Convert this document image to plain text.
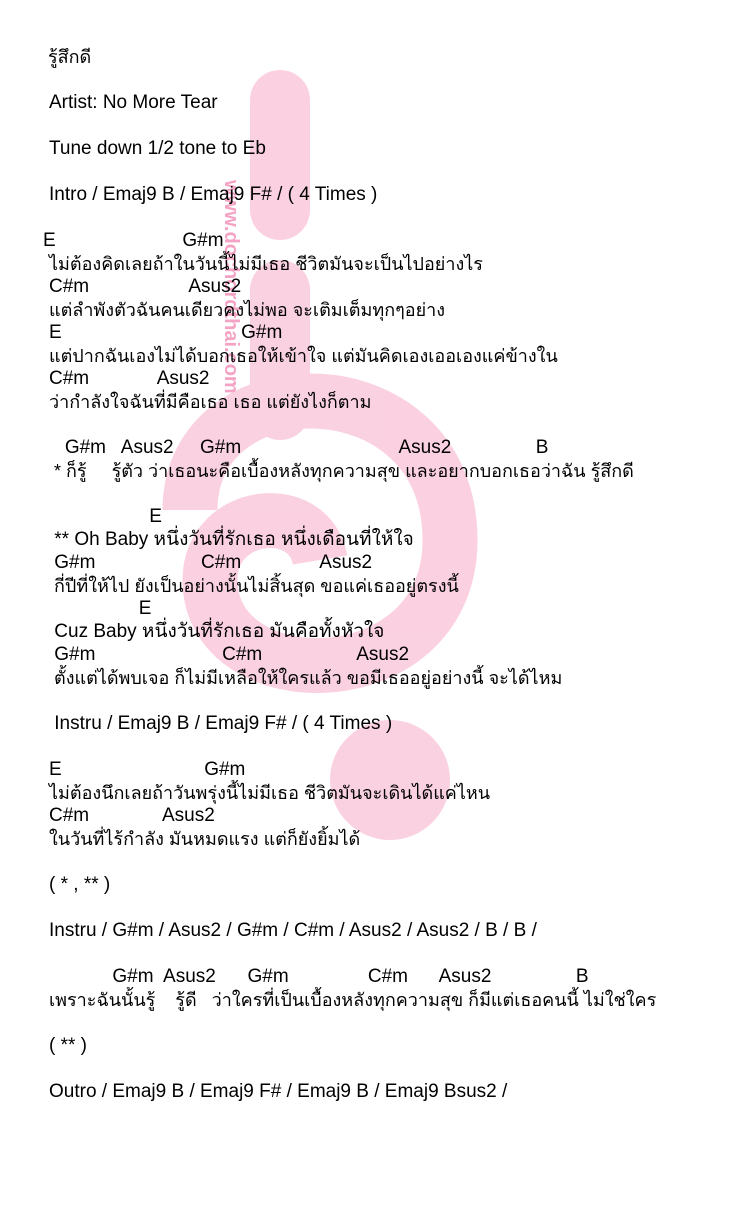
www.dochordthai.com
รู้สึกดี
Artist: No More Tear
Tune down 1/2 tone to Eb
Intro / Emaj9 B / Emaj9 F# / ( 4 Times )
E                        G#m
ไม่ต้องคิดเลยถ้าในวันนี้ไม่มีเธอ ชีวิตมันจะเป็นไปอย่างไร
C#m                   Asus2
แต่ลำพังตัวฉันคนเดียวคงไม่พอ จะเติมเต็มทุกๆอย่าง
E                                  G#m
แต่ปากฉันเองไม่ได้บอกเธอให้เข้าใจ แต่มันคิดเองเออเองแค่ข้างใน
C#m             Asus2
ว่ากำลังใจฉันที่มีคือเธอ เธอ แต่ยังไงก็ตาม
G#m   Asus2     G#m                              Asus2                B
* ก็รู้     รู้ตัว ว่าเธอนะคือเบื้องหลังทุกความสุข และอยากบอกเธอว่าฉัน รู้สึกดี
E
** Oh Baby หนึ่งวันที่รักเธอ หนึ่งเดือนที่ให้ใจ
G#m                    C#m               Asus2
กี่ปีที่ให้ไป ยังเป็นอย่างนั้นไม่สิ้นสุด ขอแค่เธออยู่ตรงนี้
E
Cuz Baby หนึ่งวันที่รักเธอ มันคือทั้งหัวใจ
G#m                        C#m                  Asus2
ตั้งแต่ได้พบเจอ ก็ไม่มีเหลือให้ใครแล้ว ขอมีเธออยู่อย่างนี้ จะได้ไหม
Instru / Emaj9 B / Emaj9 F# / ( 4 Times )
E                           G#m
ไม่ต้องนึกเลยถ้าวันพรุ่งนี้ไม่มีเธอ ชีวิตมันจะเดินได้แค่ไหน
C#m              Asus2
ในวันที่ไร้กำลัง มันหมดแรง แต่ก็ยังยิ้มได้
( * , ** )
Instru / G#m / Asus2 / G#m / C#m / Asus2 / Asus2 / B / B /
G#m  Asus2      G#m               C#m      Asus2                B
เพราะฉันนั้นรู้    รู้ดี   ว่าใครที่เป็นเบื้องหลังทุกความสุข ก็มีแต่เธอคนนี้ ไม่ใช่ใคร
( ** )
Outro / Emaj9 B / Emaj9 F# / Emaj9 B / Emaj9 Bsus2 /
